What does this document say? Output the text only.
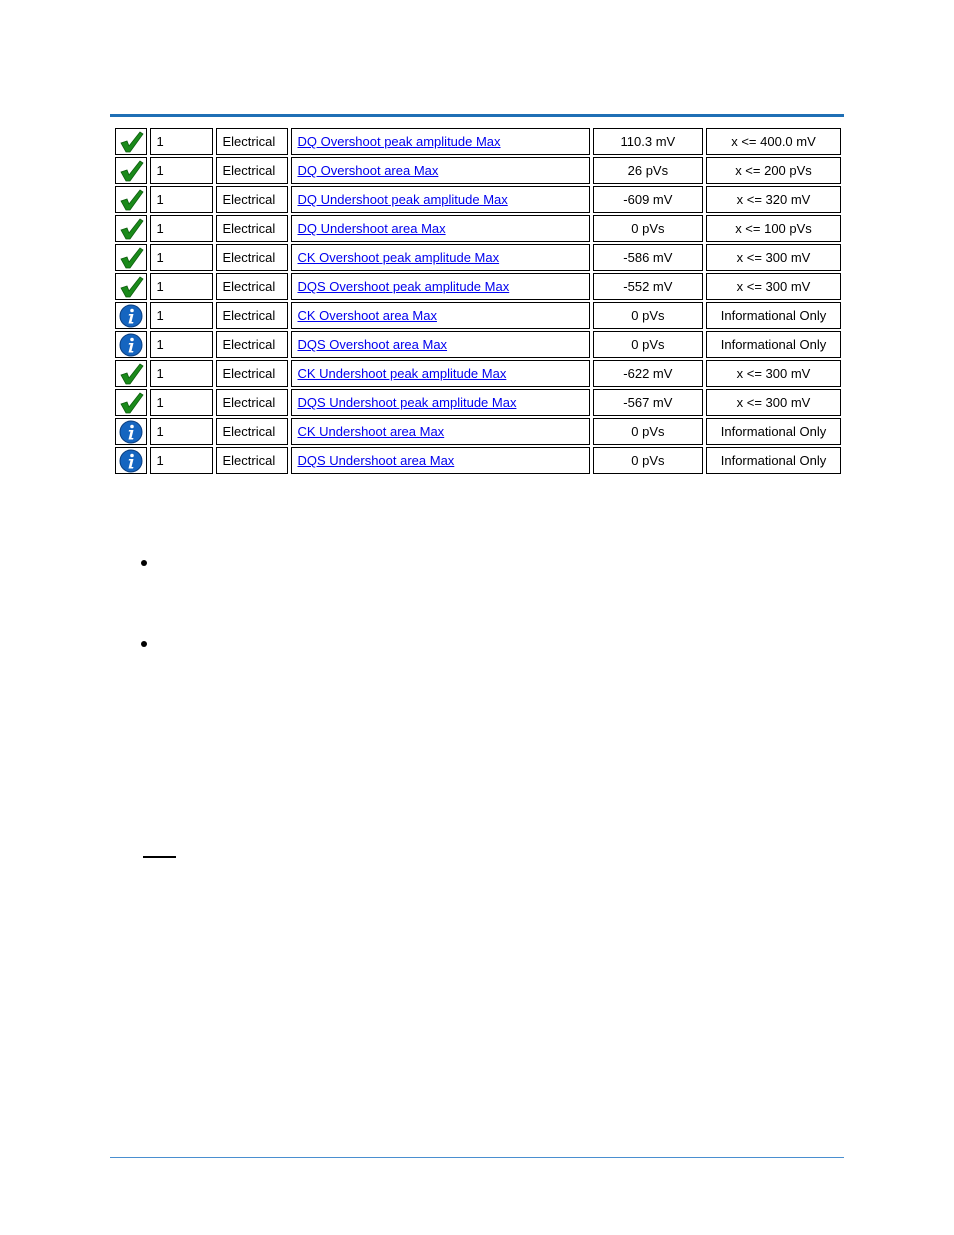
	1	Electrical	DQ Overshoot peak amplitude Max	110.3 mV	x <= 400.0 mV
	1	Electrical	DQ Overshoot area Max	26 pVs	x <= 200 pVs
	1	Electrical	DQ Undershoot peak amplitude Max	-609 mV	x <= 320 mV
	1	Electrical	DQ Undershoot area Max	0 pVs	x <= 100 pVs
	1	Electrical	CK Overshoot peak amplitude Max	-586 mV	x <= 300 mV
	1	Electrical	DQS Overshoot peak amplitude Max	-552 mV	x <= 300 mV
	1	Electrical	CK Overshoot area Max	0 pVs	Informational Only
	1	Electrical	DQS Overshoot area Max	0 pVs	Informational Only
	1	Electrical	CK Undershoot peak amplitude Max	-622 mV	x <= 300 mV
	1	Electrical	DQS Undershoot peak amplitude Max	-567 mV	x <= 300 mV
	1	Electrical	CK Undershoot area Max	0 pVs	Informational Only
	1	Electrical	DQS Undershoot area Max	0 pVs	Informational Only
